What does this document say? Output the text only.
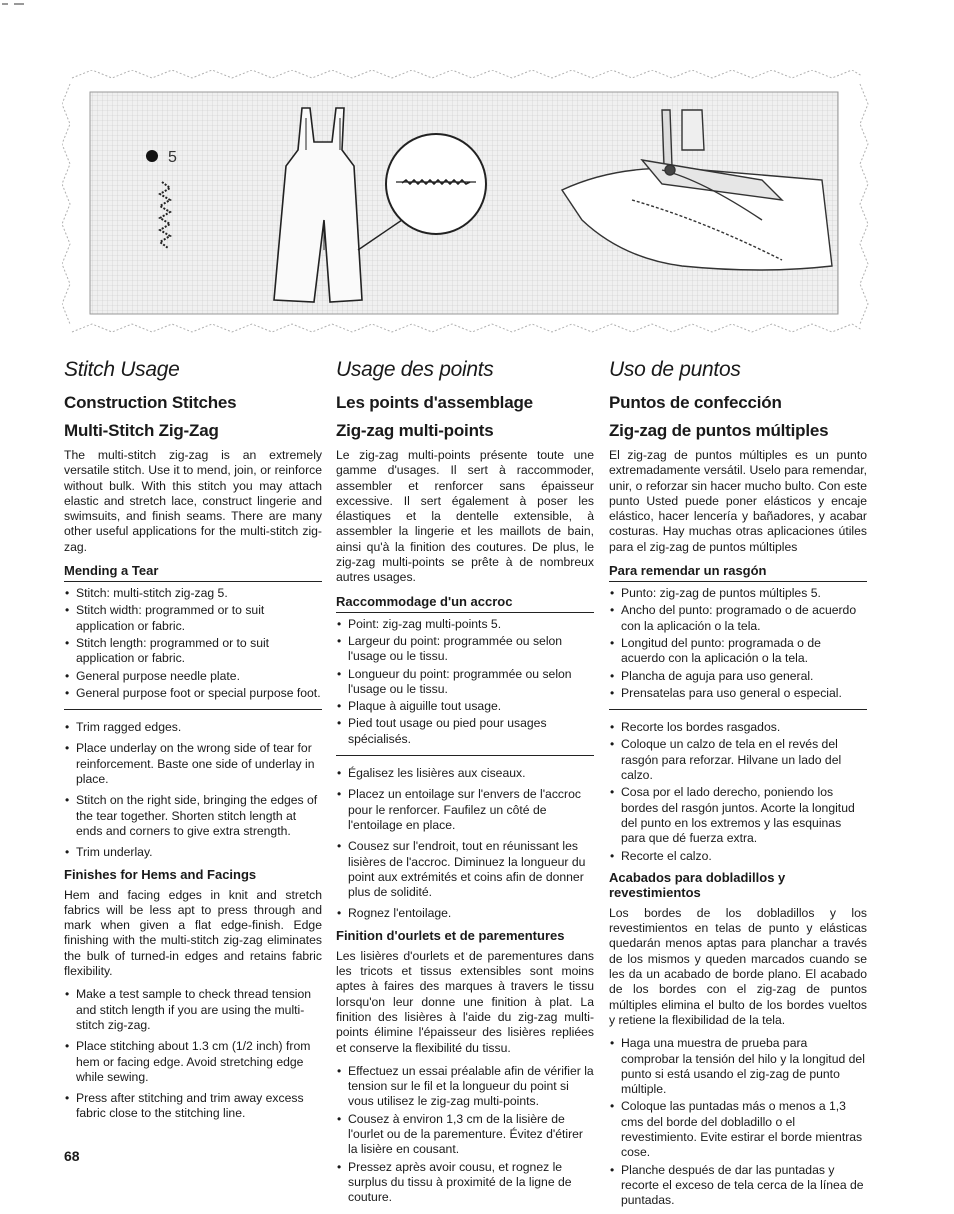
5
Stitch Usage
Construction Stitches
Multi-Stitch Zig-Zag

The multi-stitch zig-zag is an extremely versatile stitch. Use it to mend, join, or reinforce without bulk. With this stitch you may attach elastic and stretch lace, construct lingerie and swimsuits, and finish seams. There are many other useful applications for the multi-stitch zig-zag.

Mending a Tear
• Stitch: multi-stitch zig-zag 5.
• Stitch width: programmed or to suit application or fabric.
• Stitch length: programmed or to suit application or fabric.
• General purpose needle plate.
• General purpose foot or special purpose foot.
• Trim ragged edges.
• Place underlay on the wrong side of tear for reinforcement. Baste one side of underlay in place.
• Stitch on the right side, bringing the edges of the tear together. Shorten stitch length at ends and corners to give extra strength.
• Trim underlay.
Finishes for Hems and Facings

Hem and facing edges in knit and stretch fabrics will be less apt to press through and mark when given a flat edge-finish. Edge finishing with the multi-stitch zig-zag eliminates the bulk of turned-in edges and retains fabric flexibility.

• Make a test sample to check thread tension and stitch length if you are using the multi-stitch zig-zag.
• Place stitching about 1.3 cm (1/2 inch) from hem or facing edge. Avoid stretching edge while sewing.
• Press after stitching and trim away excess fabric close to the stitching line.
Usage des points
Les points d'assemblage
Zig-zag multi-points

Le zig-zag multi-points présente toute une gamme d'usages. Il sert à raccommoder, assembler et renforcer sans épaisseur excessive. Il sert également à poser les élastiques et la dentelle extensible, à assembler la lingerie et les maillots de bain, ainsi qu'à la finition des coutures. De plus, le zig-zag multi-points se prête à de nombreux autres usages.

Raccommodage d'un accroc
• Point: zig-zag multi-points 5.
• Largeur du point: programmée ou selon l'usage ou le tissu.
• Longueur du point: programmée ou selon l'usage ou le tissu.
• Plaque à aiguille tout usage.
• Pied tout usage ou pied pour usages spécialisés.
• Égalisez les lisières aux ciseaux.
• Placez un entoilage sur l'envers de l'accroc pour le renforcer. Faufilez un côté de l'entoilage en place.
• Cousez sur l'endroit, tout en réunissant les lisières de l'accroc. Diminuez la longueur du point aux extrémités et coins afin de donner plus de solidité.
• Rognez l'entoilage.
Finition d'ourlets et de parementures

Les lisières d'ourlets et de parementures dans les tricots et tissus extensibles sont moins aptes à faires des marques à travers le tissu lorsqu'on leur donne une finition à plat. La finition des lisières à l'aide du zig-zag multi-points élimine l'épaisseur des lisières repliées et conserve la flexibilité du tissu.

• Effectuez un essai préalable afin de vérifier la tension sur le fil et la longueur du point si vous utilisez le zig-zag multi-points.
• Cousez à environ 1,3 cm de la lisière de l'ourlet ou de la parementure. Évitez d'étirer la lisière en cousant.
• Pressez après avoir cousu, et rognez le surplus du tissu à proximité de la ligne de couture.
Uso de puntos
Puntos de confección
Zig-zag de puntos múltiples

El zig-zag de puntos múltiples es un punto extremadamente versátil. Uselo para remendar, unir, o reforzar sin hacer mucho bulto. Con este punto Usted puede poner elásticos y encaje elástico, hacer lencería y bañadores, y acabar costuras. Hay muchas otras aplicaciones útiles para el zig-zag de puntos múltiples

Para remendar un rasgón
• Punto: zig-zag de puntos múltiples 5.
• Ancho del punto: programado o de acuerdo con la aplicación o la tela.
• Longitud del punto: programada o de acuerdo con la aplicación o la tela.
• Plancha de aguja para uso general.
• Prensatelas para uso general o especial.
• Recorte los bordes rasgados.
• Coloque un calzo de tela en el revés del rasgón para reforzar. Hilvane un lado del calzo.
• Cosa por el lado derecho, poniendo los bordes del rasgón juntos. Acorte la longitud del punto en los extremos y las esquinas para que dé fuerza extra.
• Recorte el calzo.
Acabados para dobladillos y revestimientos

Los bordes de los dobladillos y los revestimientos en telas de punto y elásticas quedarán menos aptas para planchar a través de los mismos y queden marcados cuando se les da un acabado de borde plano. El acabado de los bordes con el zig-zag de puntos múltiples elimina el bulto de los bordes vueltos y retiene la flexibilidad de la tela.

• Haga una muestra de prueba para comprobar la tensión del hilo y la longitud del punto si está usando el zig-zag de punto múltiple.
• Coloque las puntadas más o menos a 1,3 cms del borde del dobladillo o el revestimiento. Evite estirar el borde mientras cose.
• Planche después de dar las puntadas y recorte el exceso de tela cerca de la línea de puntadas.
68
